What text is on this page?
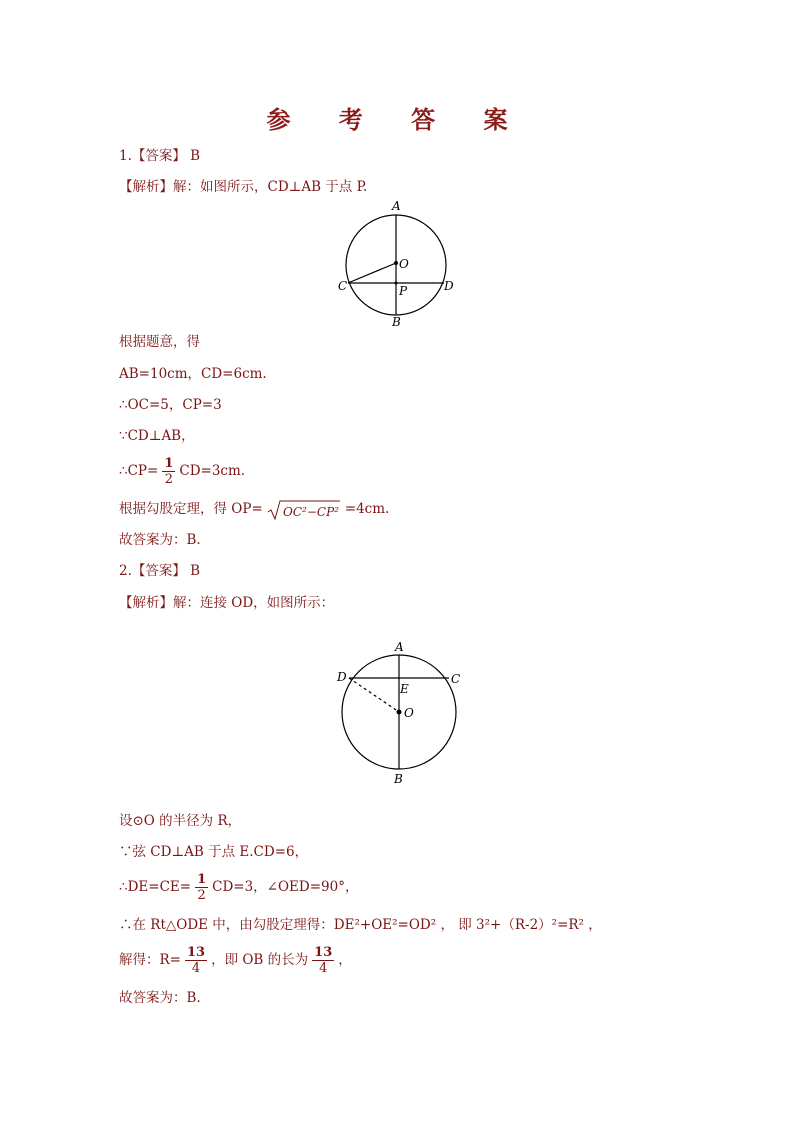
参 考 答 案
1.【答案】 B
【解析】解：如图所示，CD⊥AB 于点 P.
A
O
C	P	D
B
根据题意，得
AB=10cm，CD=6cm.
∴OC=5，CP=3
∵CD⊥AB，
∴CP= $\frac{1}{2} CD=3cm$.
根据勾股定理，得 OP= OC²−CP² =4cm.
故答案为：B.
2.【答案】 B
【解析】解：连接 OD，如图所示：
A
D	C
E
O
B
设⊙O 的半径为 R，
∵弦 CD⊥AB 于点 E.CD=6，
∴DE=CE= $\frac{1}{2} CD=3$，∠OED=90°，
∴在 Rt△ODE 中，由勾股定理得：DE²+OE²=OD² ， 即 3²+（R-2）²=R² ，
解得：$R= \frac{13}{4}$ ，即 OB 的长为 $\frac{13}{4}$ ，
故答案为：B.
